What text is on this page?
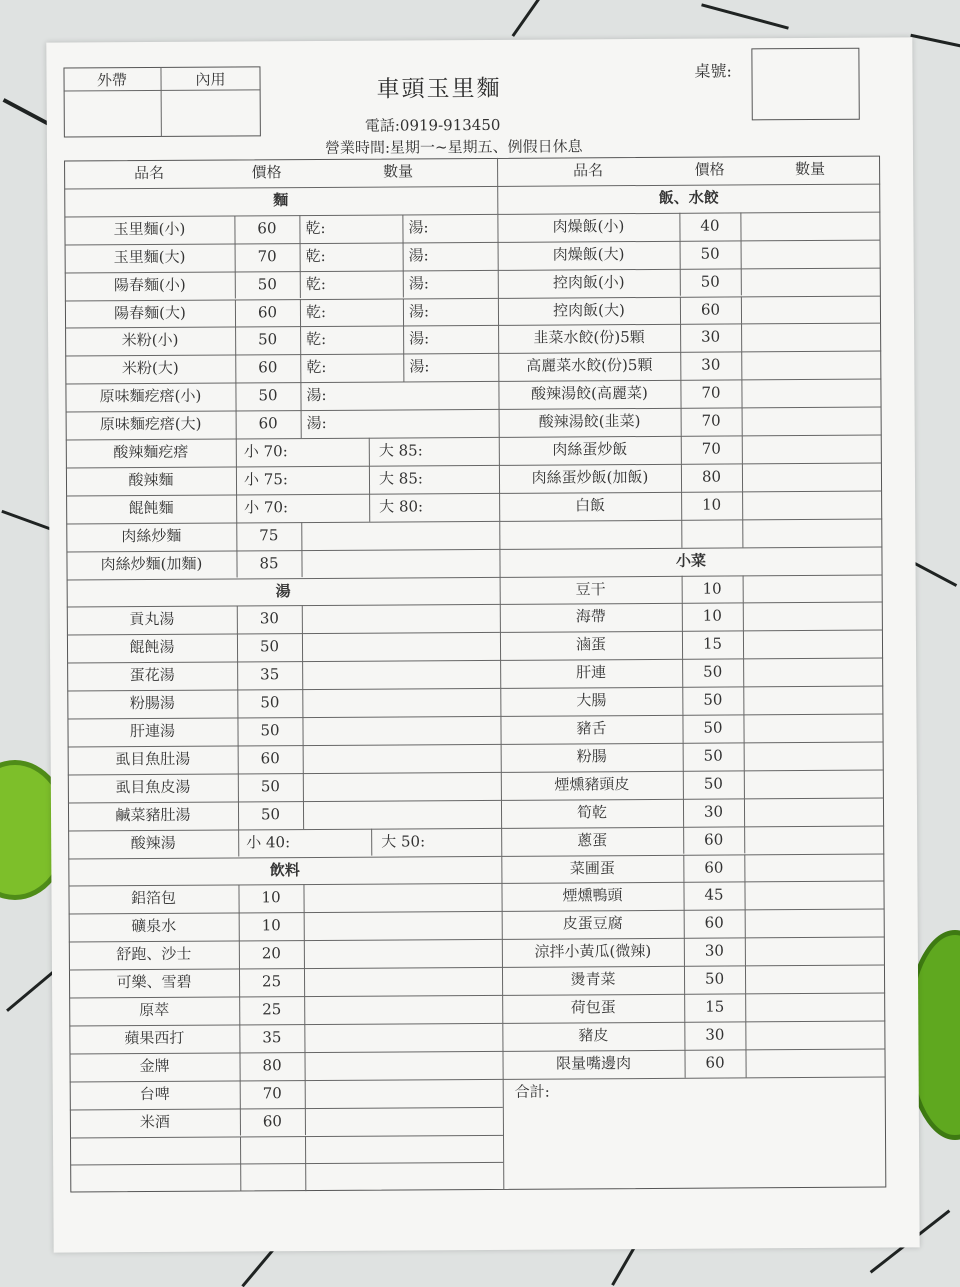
外帶	內用	車頭玉里麵
電話:0919-913450
營業時間:星期一~星期五、例假日休息
桌號:
品名	價格	數量	品名	價格	數量
麵
玉里麵(小)	60	乾:	湯:
玉里麵(大)	70	乾:	湯:
陽春麵(小)	50	乾:	湯:
陽春麵(大)	60	乾:	湯:
米粉(小)	50	乾:	湯:
米粉(大)	60	乾:	湯:
原味麵疙瘩(小)	50	湯:
原味麵疙瘩(大)	60	湯:
酸辣麵疙瘩	小 70:	大 85:
酸辣麵	小 75:	大 85:
餛飩麵	小 70:	大 80:
肉絲炒麵	75
肉絲炒麵(加麵)	85
湯
貢丸湯	30
餛飩湯	50
蛋花湯	35
粉腸湯	50
肝連湯	50
虱目魚肚湯	60
虱目魚皮湯	50
鹹菜豬肚湯	50
酸辣湯	小 40:	大 50:
飲料
鋁箔包	10
礦泉水	10
舒跑、沙士	20
可樂、雪碧	25
原萃	25
蘋果西打	35
金牌	80
台啤	70
米酒	60
飯、水餃
肉燥飯(小)	40
肉燥飯(大)	50
控肉飯(小)	50
控肉飯(大)	60
韭菜水餃(份)5顆	30
高麗菜水餃(份)5顆	30
酸辣湯餃(高麗菜)	70
酸辣湯餃(韭菜)	70
肉絲蛋炒飯	70
肉絲蛋炒飯(加飯)	80
白飯	10
小菜
豆干	10
海帶	10
滷蛋	15
肝連	50
大腸	50
豬舌	50
粉腸	50
煙燻豬頭皮	50
筍乾	30
蔥蛋	60
菜圃蛋	60
煙燻鴨頭	45
皮蛋豆腐	60
涼拌小黃瓜(微辣)	30
燙青菜	50
荷包蛋	15
豬皮	30
限量嘴邊肉	60
合計:
